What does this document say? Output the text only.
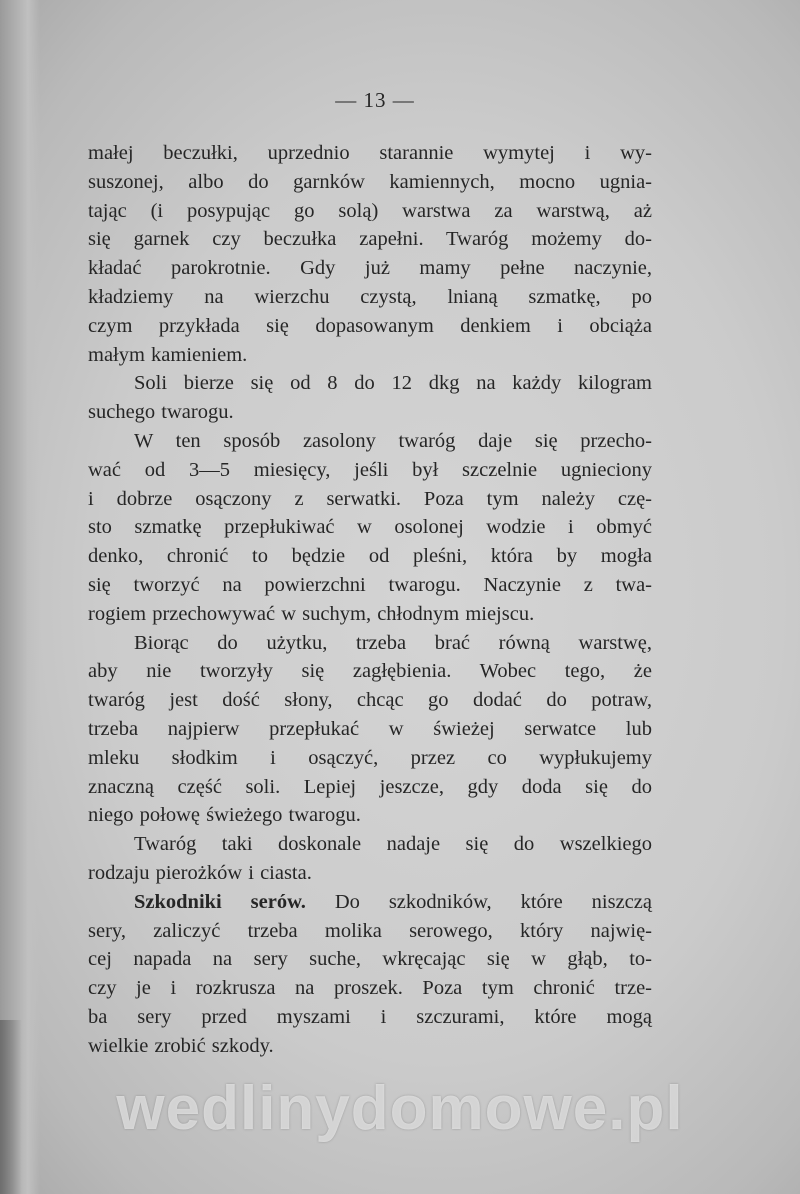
— 13 —
małej beczułki, uprzednio starannie wymytej i wy-
suszonej, albo do garnków kamiennych, mocno ugnia-
tając (i posypując go solą) warstwa za warstwą, aż
się garnek czy beczułka zapełni. Twaróg możemy do-
kładać parokrotnie. Gdy już mamy pełne naczynie,
kładziemy na wierzchu czystą, lnianą szmatkę, po
czym przykłada się dopasowanym denkiem i obciąża
małym kamieniem.
Soli bierze się od 8 do 12 dkg na każdy kilogram
suchego twarogu.
W ten sposób zasolony twaróg daje się przecho-
wać od 3—5 miesięcy, jeśli był szczelnie ugnieciony
i dobrze osączony z serwatki. Poza tym należy czę-
sto szmatkę przepłukiwać w osolonej wodzie i obmyć
denko, chronić to będzie od pleśni, która by mogła
się tworzyć na powierzchni twarogu. Naczynie z twa-
rogiem przechowywać w suchym, chłodnym miejscu.
Biorąc do użytku, trzeba brać równą warstwę,
aby nie tworzyły się zagłębienia. Wobec tego, że
twaróg jest dość słony, chcąc go dodać do potraw,
trzeba najpierw przepłukać w świeżej serwatce lub
mleku słodkim i osączyć, przez co wypłukujemy
znaczną część soli. Lepiej jeszcze, gdy doda się do
niego połowę świeżego twarogu.
Twaróg taki doskonale nadaje się do wszelkiego
rodzaju pierożków i ciasta.
Szkodniki serów. Do szkodników, które niszczą
sery, zaliczyć trzeba molika serowego, który najwię-
cej napada na sery suche, wkręcając się w głąb, to-
czy je i rozkrusza na proszek. Poza tym chronić trze-
ba sery przed myszami i szczurami, które mogą
wielkie zrobić szkody.
wedlinydomowe.pl
